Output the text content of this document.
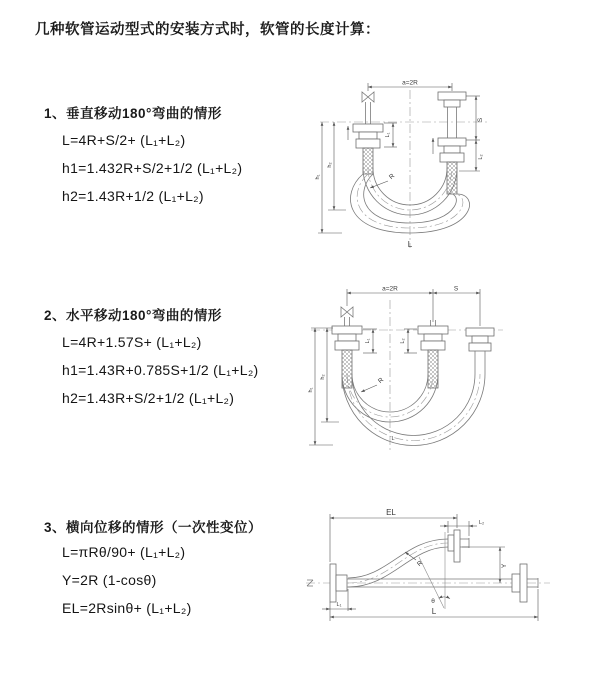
几种软管运动型式的安装方式时，软管的长度计算：
1、垂直移动180°弯曲的情形
L=4R+S/2+ (L₁+L₂)
h1=1.432R+S/2+1/2 (L₁+L₂)
h2=1.43R+1/2 (L₁+L₂)
2、水平移动180°弯曲的情形
L=4R+1.57S+ (L₁+L₂)
h1=1.43R+0.785S+1/2 (L₁+L₂)
h2=1.43R+S/2+1/2 (L₁+L₂)
3、横向位移的情形（一次性变位）
L=πRθ/90+ (L₁+L₂)
Y=2R (1-cosθ)
EL=2Rsinθ+ (L₁+L₂)
a=2R
S
L₂
h₁
h₂
L₁
R
L
a=2R	S
L₁	L₂
h₁
h₂	R
L
EL
L₂
Y
θ
R
L₁
L
